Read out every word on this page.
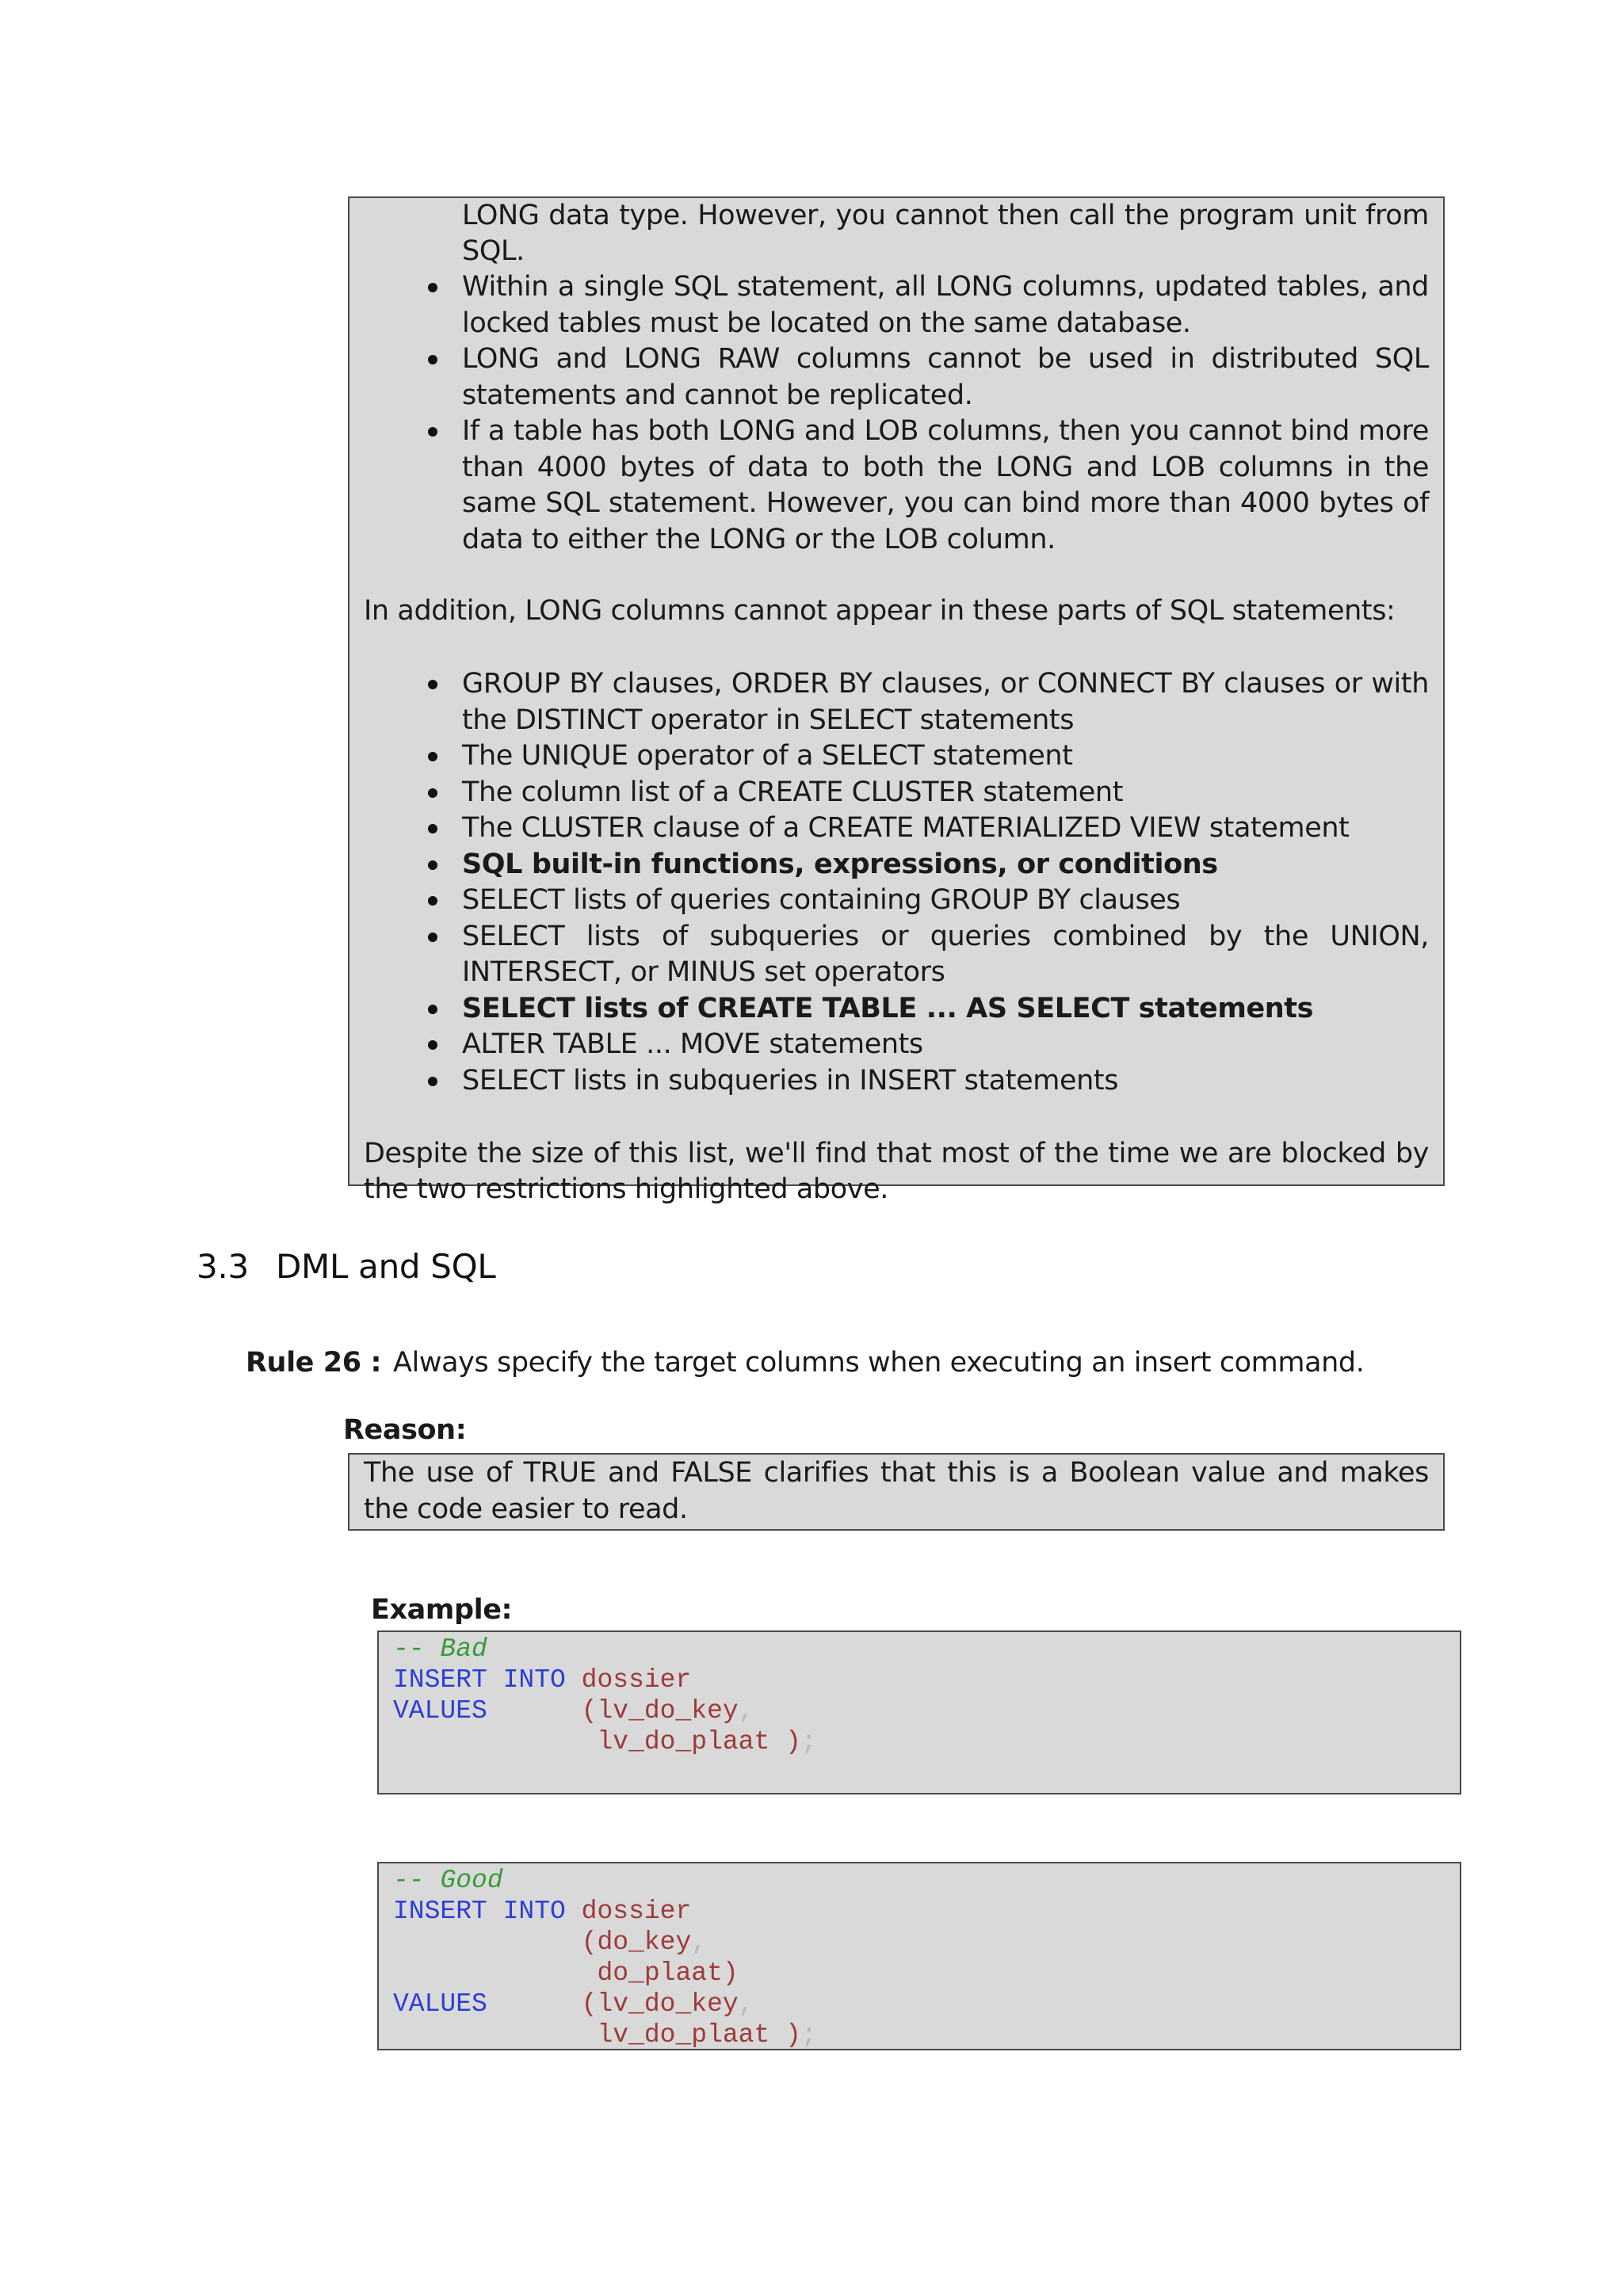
LONG data type. However, you cannot then call the program unit from SQL.

Within a single SQL statement, all LONG columns, updated tables, and locked tables must be located on the same database.
LONG and LONG RAW columns cannot be used in distributed SQL statements and cannot be replicated.
If a table has both LONG and LOB columns, then you cannot bind more than 4000 bytes of data to both the LONG and LOB columns in the same SQL statement. However, you can bind more than 4000 bytes of data to either the LONG or the LOB column.

In addition, LONG columns cannot appear in these parts of SQL statements:

GROUP BY clauses, ORDER BY clauses, or CONNECT BY clauses or with the DISTINCT operator in SELECT statements
The UNIQUE operator of a SELECT statement
The column list of a CREATE CLUSTER statement
The CLUSTER clause of a CREATE MATERIALIZED VIEW statement
SQL built-in functions, expressions, or conditions
SELECT lists of queries containing GROUP BY clauses
SELECT lists of subqueries or queries combined by the UNION, INTERSECT, or MINUS set operators
SELECT lists of CREATE TABLE ... AS SELECT statements
ALTER TABLE ... MOVE statements
SELECT lists in subqueries in INSERT statements

Despite the size of this list, we'll find that most of the time we are blocked by the two restrictions highlighted above.

3.3 DML and SQL
Rule 26 : Always specify the target columns when executing an insert command.
Reason:

The use of TRUE and FALSE clarifies that this is a Boolean value and makes the code easier to read.

Example:
-- Bad
INSERT INTO dossier
VALUES	(lv_do_key,
lv_do_plaat );
-- Good
INSERT INTO dossier
(do_key,
do_plaat)
VALUES	(lv_do_key,
lv_do_plaat );
